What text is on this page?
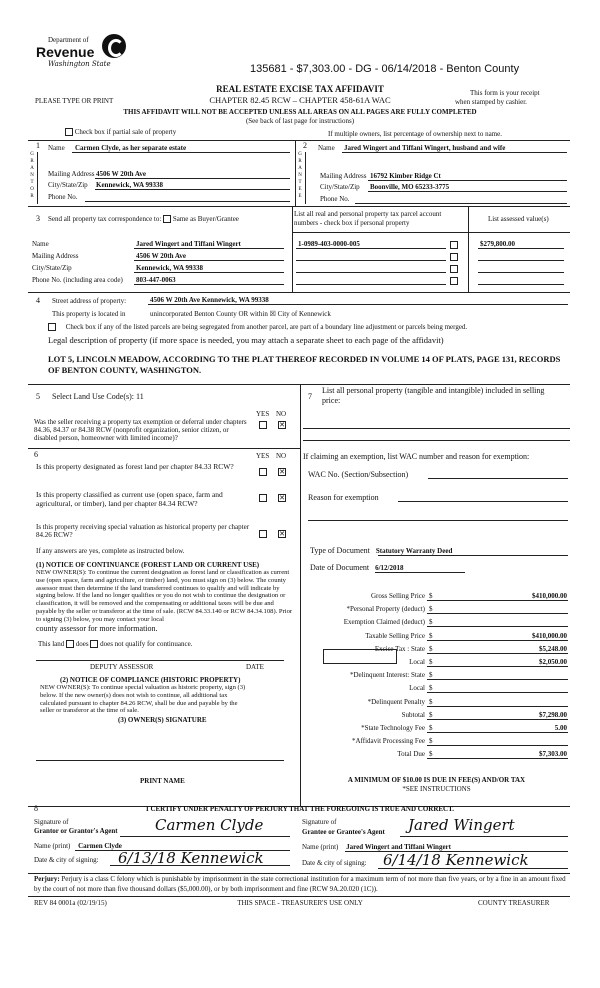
Department of
Revenue
Washington State	135681 - $7,303.00 - DG - 06/14/2018 - Benton County
REAL ESTATE EXCISE TAX AFFIDAVIT
CHAPTER 82.45 RCW – CHAPTER 458-61A WAC
PLEASE TYPE OR PRINT
This form is your receipt
when stamped by cashier.
THIS AFFIDAVIT WILL NOT BE ACCEPTED UNLESS ALL AREAS ON ALL PAGES ARE FULLY COMPLETED
(See back of last page for instructions)
Check box if partial sale of property	If multiple owners, list percentage of ownership next to name.
1
G
R
A
N
T
O
R
Name Carmen Clyde, as her separate estate
Mailing Address 4506 W 20th Ave
City/State/Zip Kennewick, WA 99338
Phone No.
2
G
R
A
N
T
E
E
Name Jared Wingert and Tiffani Wingert, husband and wife
Mailing Address 16792 Kimber Ridge Ct
City/State/Zip Boonville, MO 65233-3775
Phone No.
3 Send all property tax correspondence to: Same as Buyer/Grantee
List all real and personal property tax parcel account
numbers - check box if personal property	List assessed value(s)
Name	Jared Wingert and Tiffani Wingert
Mailing Address	4506 W 20th Ave
City/State/Zip	Kennewick, WA 99338
Phone No. (including area code) 803-447-0063
1-0989-403-0000-005	$279,800.00
4 Street address of property:	4506 W 20th Ave Kennewick, WA 99338
This property is located in	unincorporated Benton County OR within ☒ City of Kennewick
Check box if any of the listed parcels are being segregated from another parcel, are part of a boundary line adjustment or parcels being merged.
Legal description of property (if more space is needed, you may attach a separate sheet to each page of the affidavit)
LOT 5, LINCOLN MEADOW, ACCORDING TO THE PLAT THEREOF RECORDED IN VOLUME 14 OF PLATS, PAGE 131, RECORDS OF BENTON COUNTY, WASHINGTON.
5 Select Land Use Code(s): 11
YES NO
Was the seller receiving a property tax exemption or deferral under chapters 84.36, 84.37 or 84.38 RCW (nonprofit organization, senior citizen, or disabled person, homeowner with limited income)?
✕
6	YES NO
Is this property designated as forest land per chapter 84.33 RCW?
✕
Is this property classified as current use (open space, farm and agricultural, or timber), land per chapter 84.34 RCW?
✕
Is this property receiving special valuation as historical property per chapter 84.26 RCW?	✕
If any answers are yes, complete as instructed below.
(1) NOTICE OF CONTINUANCE (FOREST LAND OR CURRENT USE)
NEW OWNER(S): To continue the current designation as forest land or classification as current use (open space, farm and agriculture, or timber) land, you must sign on (3) below. The county assessor must then determine if the land transferred continues to qualify and will indicate by signing below. If the land no longer qualifies or you do not wish to continue the designation or classification, it will be removed and the compensating or additional taxes will be due and payable by the seller or transferor at the time of sale. (RCW 84.33.140 or RCW 84.34.108). Prior to signing (3) below, you may contact your local
county assessor for more information.
This land does does not qualify for continuance.
DEPUTY ASSESSOR	DATE
(2) NOTICE OF COMPLIANCE (HISTORIC PROPERTY)
NEW OWNER(S): To continue special valuation as historic property, sign (3) below. If the new owner(s) does not wish to continue, all additional tax calculated pursuant to chapter 84.26 RCW, shall be due and payable by the seller or transferor at the time of sale.
(3) OWNER(S) SIGNATURE
PRINT NAME
7
List all personal property (tangible and intangible) included in selling price:
If claiming an exemption, list WAC number and reason for exemption:
WAC No. (Section/Subsection)
Reason for exemption
Type of Document Statutory Warranty Deed
Date of Document 6/12/2018
Gross Selling Price $	$410,000.00
*Personal Property (deduct) $
Exemption Claimed (deduct) $
Taxable Selling Price $	$410,000.00
Excise Tax : State $	$5,248.00
Local $	$2,050.00
*Delinquent Interest: State $
Local $
*Delinquent Penalty $
Subtotal $	$7,298.00
*State Technology Fee $	5.00
*Affidavit Processing Fee $
Total Due $	$7,303.00
A MINIMUM OF $10.00 IS DUE IN FEE(S) AND/OR TAX
*SEE INSTRUCTIONS
8	I CERTIFY UNDER PENALTY OF PERJURY THAT THE FOREGOING IS TRUE AND CORRECT.
Signature of
Grantor or Grantor's Agent Carmen Clyde
Name (print) Carmen Clyde
Date & city of signing: 6/13/18 Kennewick
Signature of
Grantee or Grantee's Agent Jared Wingert
Name (print) Jared Wingert and Tiffani Wingert
Date & city of signing: 6/14/18 Kennewick
Perjury: Perjury is a class C felony which is punishable by imprisonment in the state correctional institution for a maximum term of not more than five years, or by a fine in an amount fixed by the court of not more than five thousand dollars ($5,000.00), or by both imprisonment and fine (RCW 9A.20.020 (1C)).
REV 84 0001a (02/19/15)	THIS SPACE - TREASURER'S USE ONLY	COUNTY TREASURER
